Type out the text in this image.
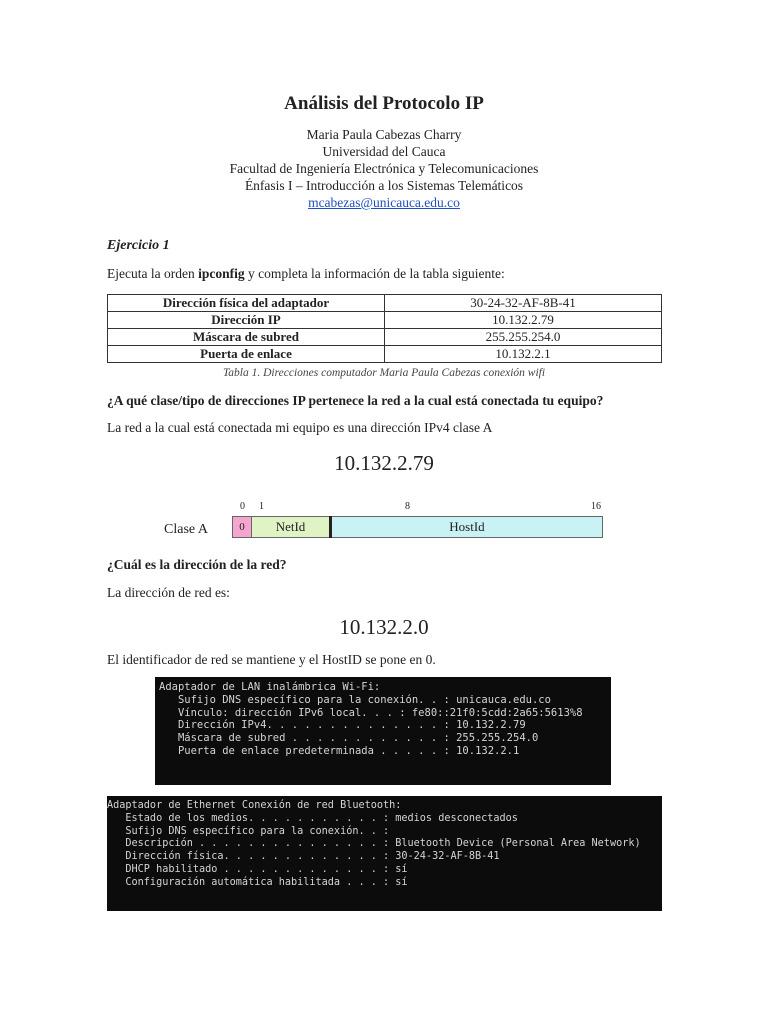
Análisis del Protocolo IP
Maria Paula Cabezas Charry
Universidad del Cauca
Facultad de Ingeniería Electrónica y Telecomunicaciones
Énfasis I – Introducción a los Sistemas Telemáticos
mcabezas@unicauca.edu.co
Ejercicio 1
Ejecuta la orden ipconfig y completa la información de la tabla siguiente:
Dirección física del adaptador	30-24-32-AF-8B-41
Dirección IP	10.132.2.79
Máscara de subred	255.255.254.0
Puerta de enlace	10.132.2.1
Tabla 1. Direcciones computador Maria Paula Cabezas conexión wifi
¿A qué clase/tipo de direcciones IP pertenece la red a la cual está conectada tu equipo?
La red a la cual está conectada mi equipo es una dirección IPv4 clase A
10.132.2.79
Clase A
0 1	8	16
0	NetId	HostId
¿Cuál es la dirección de la red?
La dirección de red es:
10.132.2.0
El identificador de red se mantiene y el HostID se pone en 0.
Adaptador de LAN inalámbrica Wi-Fi:
Sufijo DNS específico para la conexión. . : unicauca.edu.co
Vínculo: dirección IPv6 local. . . : fe80::21f0:5cdd:2a65:5613%8
Dirección IPv4. . . . . . . . . . . . . . : 10.132.2.79
Máscara de subred . . . . . . . . . . . . : 255.255.254.0
Puerta de enlace predeterminada . . . . . : 10.132.2.1
Adaptador de Ethernet Conexión de red Bluetooth:
Estado de los medios. . . . . . . . . . . : medios desconectados
Sufijo DNS específico para la conexión. . :
Descripción . . . . . . . . . . . . . . . : Bluetooth Device (Personal Area Network)
Dirección física. . . . . . . . . . . . . : 30-24-32-AF-8B-41
DHCP habilitado . . . . . . . . . . . . . : sí
Configuración automática habilitada . . . : sí
